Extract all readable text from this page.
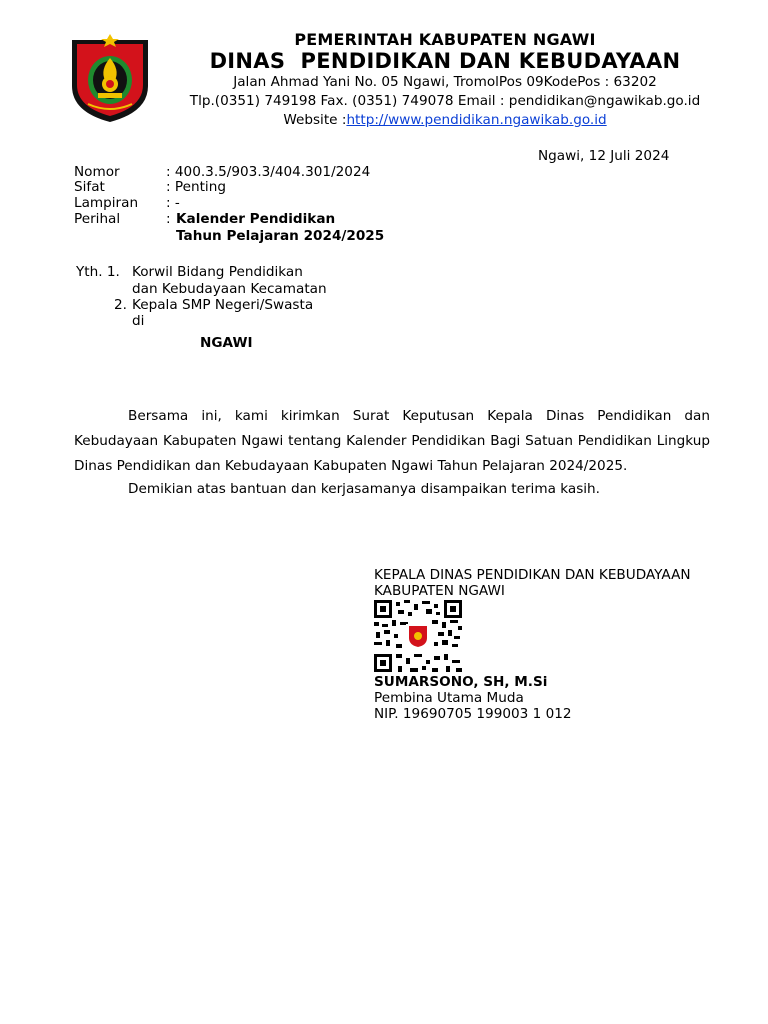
PEMERINTAH KABUPATEN NGAWI
DINAS  PENDIDIKAN DAN KEBUDAYAAN
Jalan Ahmad Yani No. 05 Ngawi, TromolPos 09KodePos : 63202
Tlp.(0351) 749198 Fax. (0351) 749078 Email : pendidikan@ngawikab.go.id
Website :http://www.pendidikan.ngawikab.go.id
Ngawi, 12 Juli 2024
Nomor	: 400.3.5/903.3/404.301/2024
Sifat	: Penting
Lampiran : -
Perihal	: Kalender Pendidikan
Tahun Pelajaran 2024/2025
Yth. 1. Korwil Bidang Pendidikan
dan Kebudayaan Kecamatan
2. Kepala SMP Negeri/Swasta
di
NGAWI
Bersama ini, kami kirimkan Surat Keputusan Kepala Dinas Pendidikan dan Kebudayaan Kabupaten Ngawi tentang Kalender Pendidikan Bagi Satuan Pendidikan Lingkup Dinas Pendidikan dan Kebudayaan Kabupaten Ngawi Tahun Pelajaran 2024/2025.
Demikian atas bantuan dan kerjasamanya disampaikan terima kasih.
KEPALA DINAS PENDIDIKAN DAN KEBUDAYAAN
KABUPATEN NGAWI
SUMARSONO, SH, M.Si
Pembina Utama Muda
NIP. 19690705 199003 1 012
